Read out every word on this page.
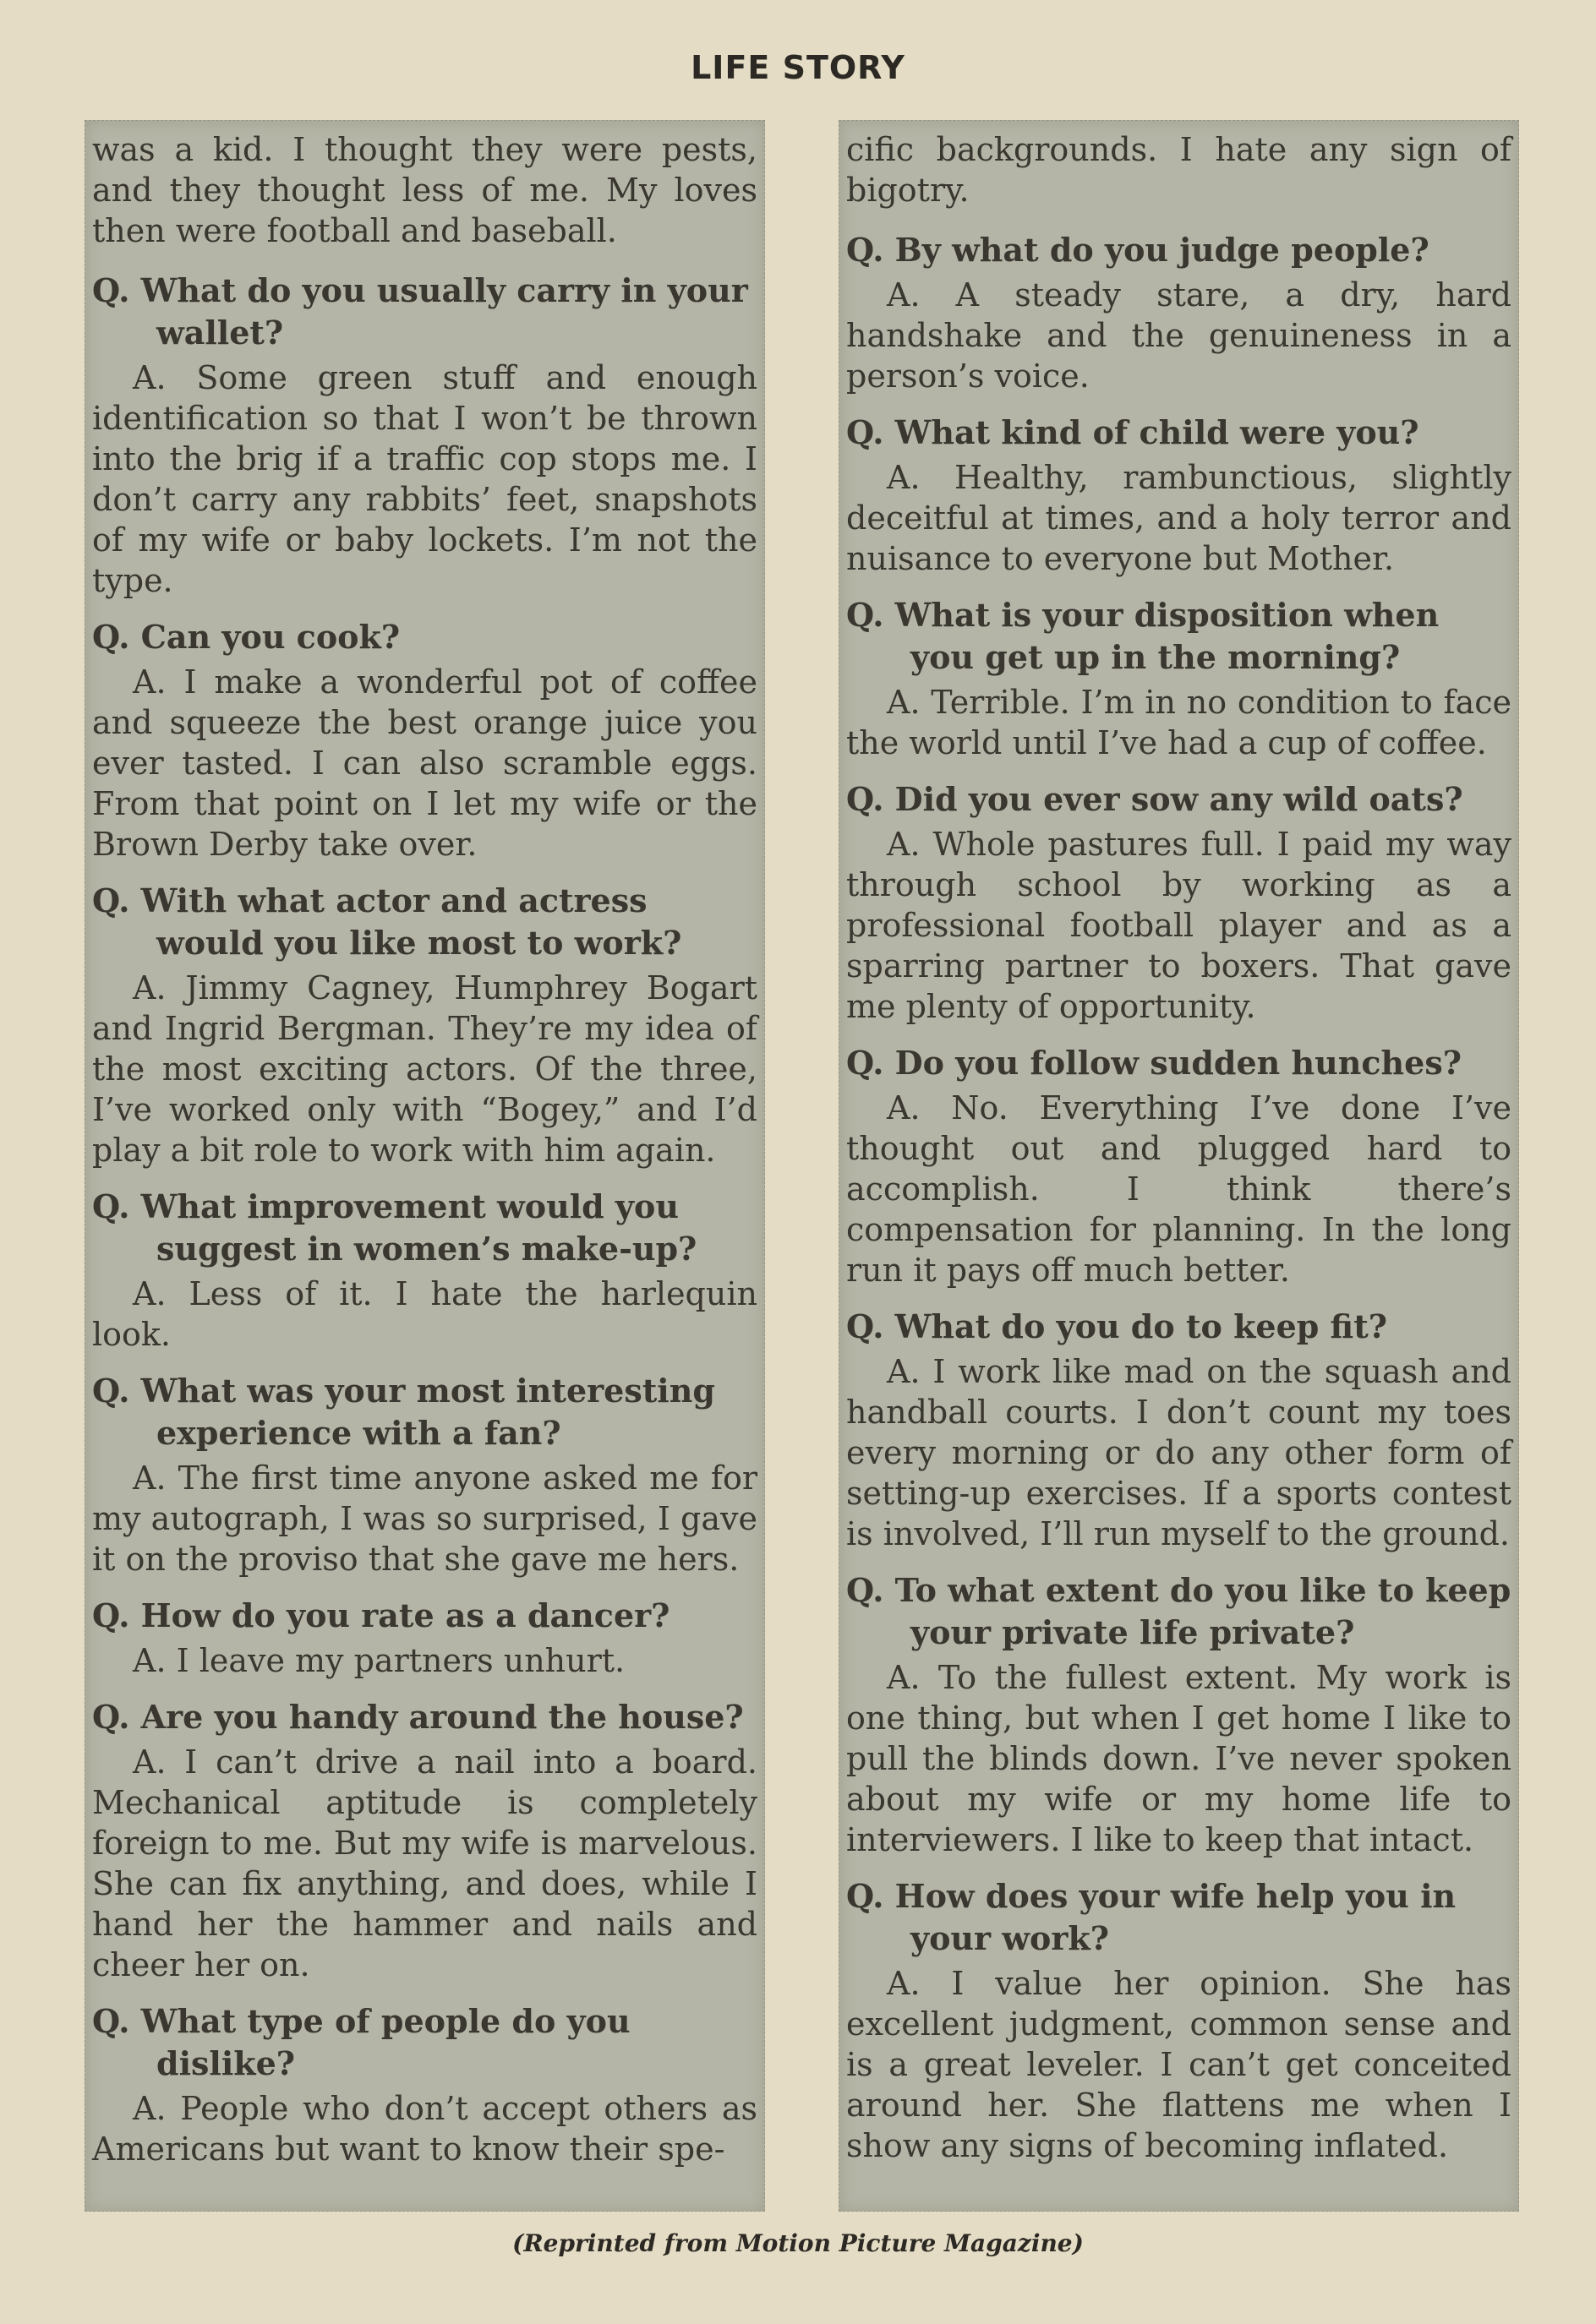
LIFE STORY

was a kid. I thought they were pests, and they thought less of me. My loves then were football and baseball.

Q. What do you usually carry in your wallet?

A. Some green stuff and enough identification so that I won’t be thrown into the brig if a traffic cop stops me. I don’t carry any rabbits’ feet, snapshots of my wife or baby lockets. I’m not the type.

Q. Can you cook?

A. I make a wonderful pot of coffee and squeeze the best orange juice you ever tasted. I can also scramble eggs. From that point on I let my wife or the Brown Derby take over.

Q. With what actor and actress would you like most to work?

A. Jimmy Cagney, Humphrey Bogart and Ingrid Bergman. They’re my idea of the most exciting actors. Of the three, I’ve worked only with “Bogey,” and I’d play a bit role to work with him again.

Q. What improvement would you suggest in women’s make-up?

A. Less of it. I hate the harlequin look.

Q. What was your most interesting experience with a fan?

A. The first time anyone asked me for my autograph, I was so surprised, I gave it on the proviso that she gave me hers.

Q. How do you rate as a dancer?

A. I leave my partners unhurt.

Q. Are you handy around the house?

A. I can’t drive a nail into a board. Mechanical aptitude is completely foreign to me. But my wife is marvelous. She can fix anything, and does, while I hand her the hammer and nails and cheer her on.

Q. What type of people do you dislike?

A. People who don’t accept others as Americans but want to know their spe-

cific backgrounds. I hate any sign of bigotry.

Q. By what do you judge people?

A. A steady stare, a dry, hard handshake and the genuineness in a person’s voice.

Q. What kind of child were you?

A. Healthy, rambunctious, slightly deceitful at times, and a holy terror and nuisance to everyone but Mother.

Q. What is your disposition when you get up in the morning?

A. Terrible. I’m in no condition to face the world until I’ve had a cup of coffee.

Q. Did you ever sow any wild oats?

A. Whole pastures full. I paid my way through school by working as a professional football player and as a sparring partner to boxers. That gave me plenty of opportunity.

Q. Do you follow sudden hunches?

A. No. Everything I’ve done I’ve thought out and plugged hard to accomplish. I think there’s compensation for planning. In the long run it pays off much better.

Q. What do you do to keep fit?

A. I work like mad on the squash and handball courts. I don’t count my toes every morning or do any other form of setting-up exercises. If a sports contest is involved, I’ll run myself to the ground.

Q. To what extent do you like to keep your private life private?

A. To the fullest extent. My work is one thing, but when I get home I like to pull the blinds down. I’ve never spoken about my wife or my home life to interviewers. I like to keep that intact.

Q. How does your wife help you in your work?

A. I value her opinion. She has excellent judgment, common sense and is a great leveler. I can’t get conceited around her. She flattens me when I show any signs of becoming inflated.

(Reprinted from Motion Picture Magazine)
